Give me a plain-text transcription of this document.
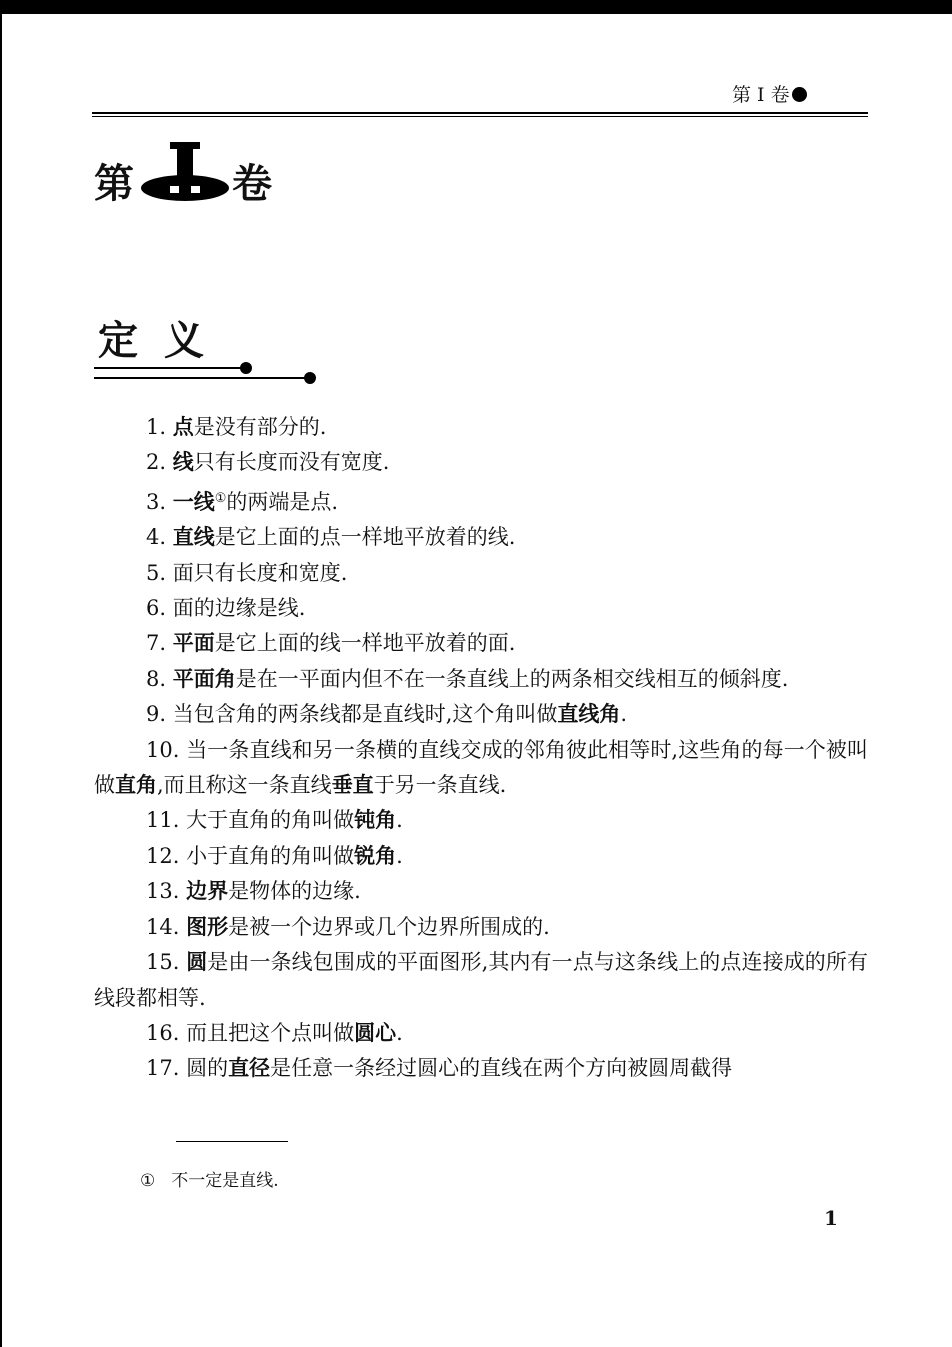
第 I 卷
第	I 卷
定义

1. 点是没有部分的.

2. 线只有长度而没有宽度.

3. 一线①的两端是点.

4. 直线是它上面的点一样地平放着的线.

5. 面只有长度和宽度.

6. 面的边缘是线.

7. 平面是它上面的线一样地平放着的面.

8. 平面角是在一平面内但不在一条直线上的两条相交线相互的倾斜度.

9. 当包含角的两条线都是直线时,这个角叫做直线角.

10. 当一条直线和另一条横的直线交成的邻角彼此相等时,这些角的每一个被叫做直角,而且称这一条直线垂直于另一条直线.

11. 大于直角的角叫做钝角.

12. 小于直角的角叫做锐角.

13. 边界是物体的边缘.

14. 图形是被一个边界或几个边界所围成的.

15. 圆是由一条线包围成的平面图形,其内有一点与这条线上的点连接成的所有线段都相等.

16. 而且把这个点叫做圆心.

17. 圆的直径是任意一条经过圆心的直线在两个方向被圆周截得

① 不一定是直线.
1
